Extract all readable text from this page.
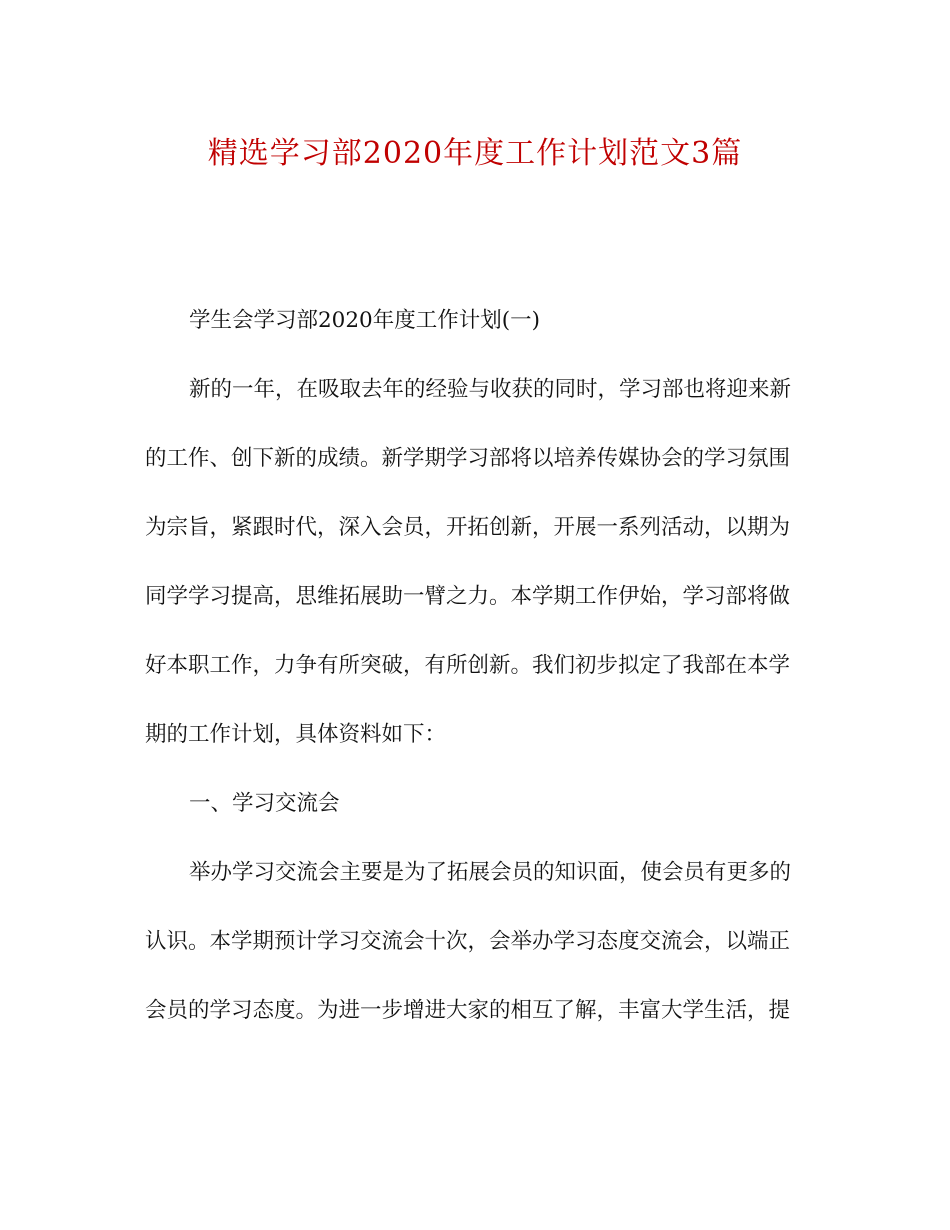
精选学习部2020年度工作计划范文3篇
学生会学习部2020年度工作计划(一)
新的一年，在吸取去年的经验与收获的同时，学习部也将迎来新
的工作、创下新的成绩。新学期学习部将以培养传媒协会的学习氛围
为宗旨，紧跟时代，深入会员，开拓创新，开展一系列活动，以期为
同学学习提高，思维拓展助一臂之力。本学期工作伊始，学习部将做
好本职工作，力争有所突破，有所创新。我们初步拟定了我部在本学
期的工作计划，具体资料如下：
一、学习交流会
举办学习交流会主要是为了拓展会员的知识面，使会员有更多的
认识。本学期预计学习交流会十次，会举办学习态度交流会，以端正
会员的学习态度。为进一步增进大家的相互了解，丰富大学生活，提
